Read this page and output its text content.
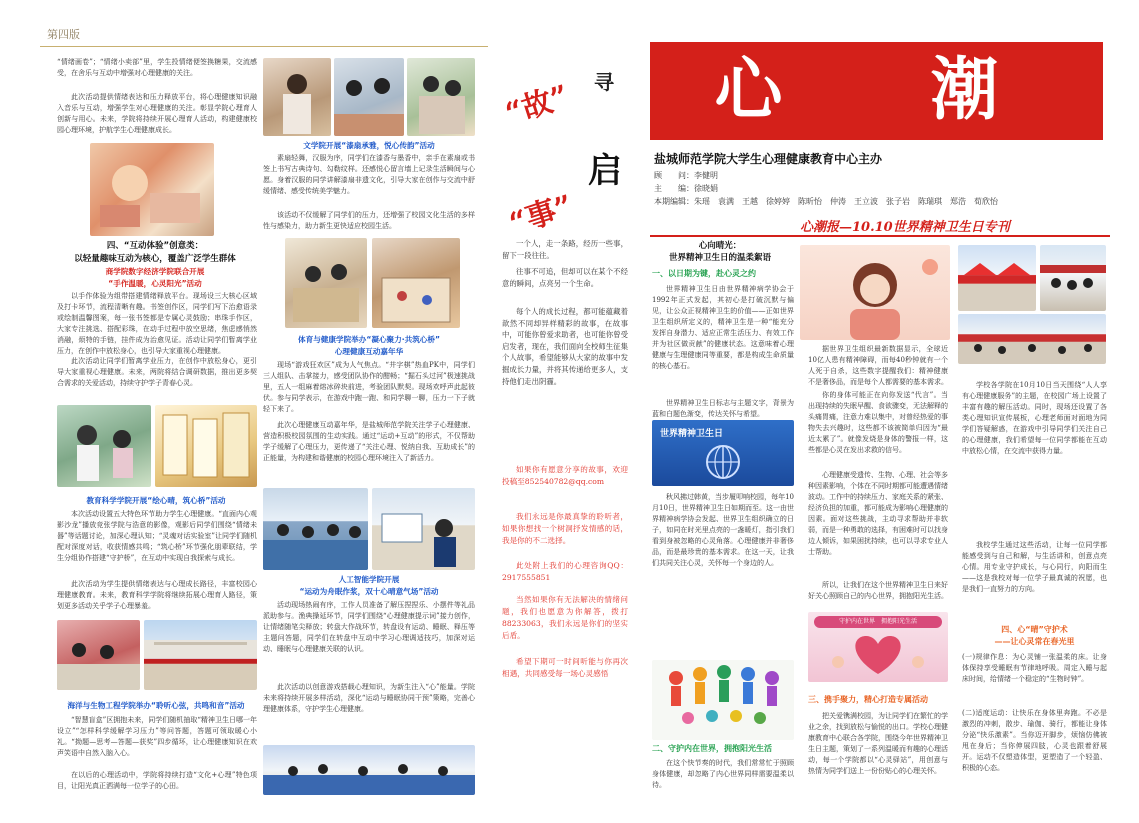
第四版
“情绪画卷”；“情绪小卖部”里，学生投情绪便签换糖果，交流感受，在舍乐与互动中增强对心理健康的关注。
此次活动提供情绪表达和压力释放平台，将心理健康知识融入音乐与互动，增强学生对心理健康的关注。彰显学院心理育人创新与用心。未来，学院将持续开展心理育人活动，构建健康校园心理环境，护航学生心理健康成长。
四、“互动体验”创意类：
以轻量趣味互动为核心，覆盖广泛学生群体
商学院数字经济学院联合开展
“手作温暖，心灵阳光”活动
以手作体验为组带搭建情绪释放平台。现场设三大核心区域及打卡环节，流程清晰有趣。书签创作区，同学们写下治愈语录或绘制温馨图案，每一张书签都是专属心灵鼓励；串珠手作区，大家专注挑选、搭配彩珠，在动手过程中放空思绪，焦虑感悄然消融，烦特的手链，挂件成为治愈见证。活动让同学们暂离学业压力，在创作中放松身心，也引导大家重视心理健康。
此次活动让同学们暂离学业压力，在创作中放松身心，更引导大家重视心理健康。未来，两院将结合调研数据，推出更多契合需求的关爱活动，持续守护学子青春心灵。
教育科学学院开展“绘心晴，筑心桥”活动
本次活动设置五大特色环节助力学生心理健康。“直面内心观影沙龙”播放竞张学院与浩意的影像，观影后同学们围绕“情绪未器”等话题讨论，加深心理认知；“灵魂对话实验室”让同学们随机配对深度对话，收获情感共鸣；“筑心桥”环节强化朋辈联结，学生分组协作搭建“守护桥”，在互动中实现自我探索与成长。
此次活动为学生提供情绪表达与心理成长路径，丰富校园心理健康教育。未来，教育科学学院将继续拓展心理育人路径，策划更多活动关乎学子心理暴羞。
海洋与生物工程学院举办“聆听心弦，共鸣和音”活动
“智慧盲盒”区拥抱未来，同学们随机抽取“精神卫生日哪一年设立”“怎样科学缓解学习压力”等问答题，答题可领取暖心小礼。“拗题—思考—答题—获奖”四步循环，让心理健康知识在欢声笑语中自然入脑入心。
在以后的心理活动中，学院将持续打造“文化+心理”特色项目，让阳光真正洒满每一位学子的心田。
文学院开展“漆扇承雅，悦心传韵”活动
素扇轻舞，汉服为序，同学们在漆香与墨香中，亲手在素扇或书签上书写古典诗句、勾勒纹样。还感悦心留言墙上记录生活瞬间与心愿。身着汉服的同学讲解漆扇非遗文化，引导大家在创作与交流中舒缓情绪、感受传统美学魅力。
该活动不仅缓解了同学们的压力，还增强了校园文化生活的多样性与感染力，助力新生更快适应校园生活。
体育与健康学院举办“凝心聚力·共筑心桥”
心理健康互动嘉年华
现场“游戏狂欢区”成为人气焦点。“井字棋”热血PK中，同学们三人组队、击掌接力，感受团队协作的酣畅；“掘石头过河”极速挑战里，五人一组麻着熔冰碎块前进，考验团队默契。现场欢呼声此起彼伏。参与同学表示，在游戏中跑一跑、和同学聊一聊，压力一下子就轻下来了。
此次心理健康互动嘉年华，是盐城师范学院关注学子心理健康、营造积极校园氛围的生动实践。通过“运动+互动”的形式，不仅帮助学子缓解了心理压力，更传递了“关注心理、悦纳自我、互助成长”的正能量，为构建和谐健康的校园心理环境注入了新活力。
人工智能学院开展
“运动为舟眠作浆，双十心晴意气场”活动
活动现场热闹有序，工作人员准备了解压捏捏乐、小摆件等礼品派助参与。渔典操延环节，同学们围绕“心理健康提示词”接力创作，让情绪随笔尖释放；转盘大作战环节，转盘设有运动、睡眠、释压等主题问答题，同学们在转盘中互动中学习心理调适技巧，加深对运动、睡眠与心理健康关联的认识。
此次活动以创意游戏搭载心理知识，为新生注入“心”能量。学院未来将持续开展多样活动，深化“运动与睡眠协同干预”策略，完善心理健康体系，守护学生心理健康。
“故” 寻
启
“事”
一个人，走一条路，经历一些事，留下一段往往。
往事不可追，但却可以在某个不经意的瞬间，点亮另一个生命。
每个人的成长过程，都可能蕴藏着歆然不同却异样精彩的故事，在故事中，可能你曾爱求助者，也可能你曾受启发者，现在，我们面向全校师生征集个人故事，希望能够从大家的故事中发掘成长力量，并将其传递给更多人，支持他们走出阴霾。
如果你有愿意分享的故事，欢迎投稿至852540782@qq.com
我们永远是你最真挚的聆听者，如果你想找一个树洞抒发情感的话，我是你的不二选择。
此处附上我们的心理咨询QQ：2917555851
当然如果你有无法解决的情绪问题，我们也愿意为你解答，拨打88233063，我们永远是你们的坚实后盾。
希望下期可一时间听能与你再次相遇，共同感受每一场心灵感悟
心　潮
盐城师范学院大学生心理健康教育中心主办
顾　　问：李健明
主　　编：徐晓娟
本期编辑：朱瑶　袁满　王越　徐婷婷　陈昕怡　仲涛　王立波　张子岩　陈瑞琪　郑浩　荀欣怡
心潮报—10.10世界精神卫生日专刊
心向晴光：
世界精神卫生日的温柔絮语
一、以日期为键，赴心灵之约
世界精神卫生日由世界精神病学协会于1992年正式发起，其初心是打破沉默与偏见，让公众正视精神卫生的价值——正如世界卫生组织所定义的，精神卫生是一种“能充分发挥自身潜力、适应正常生活压力、有效工作并为社区做贡献”的健康状态。这意味着心理健康与生理健康同等重要，都是构成生命质量的核心基石。
世界精神卫生日标志与主题文字，背景为蓝和白题色渐变，传达关怀与希望。
世界精神卫生日
秋风拂过韩黄，当步履叩响校园，每年10月10日，世界精神卫生日如期而至。这一由世界精神病学协会发起、世界卫生组织确立的日子，如同在时光里点亮的一盏暖灯，指引我们看到身被忽略的心灵角落。心理健康并非奢侈品，而是最珍贵的基本需求。在这一天，让我们共同关注心灵，关怀每一个身边的人。
二、守护内在世界，拥抱阳光生活
在这个快节奏的时代，我们常常忙于照顾身体健康，却忽略了内心世界同样需要温柔以待。
据世界卫生组织最新数据显示，全球近10亿人患有精神障碍，而每40秒钟就有一个人死于自杀，这些数字提醒我们：精神健康 不是奢侈品，而是每个人都需要的基本需求。
你的身体可能正在向你发送“代言”。当出现持续的失眠早醒、食欲骤变，无法解释的头痛胃痛，注意力难以集中，对曾经热爱的事物失去兴趣时，这些都不该被简单归因为“最近太累了”。就像发烧是身体的警报一样，这些都是心灵在发出求救的信号。
心理健康受遗传、生物、心理、社会等多种因素影响，个体在不同时期都可能遭遇情绪波动。工作中的持续压力、家庭关系的紧张、经济负担的加重，都可能成为影响心理健康的因素。面对这些挑战，主动寻求帮助并非软弱，而是一种勇敢的选择，有困难时可以找身边人倾诉，如果困扰持续，也可以寻求专业人士帮助。
所以，让我们在这个世界精神卫生日来好好关心照顾自己的内心世界，拥抱阳光生活。
守护内在世界　拥抱阳光生活
三、携手聚力，精心打造专属活动
把关爱镌满校园，为让同学们在繁忙的学业之余，找到放松与愉悦的出口。学校心理健康教育中心联合各学院，围绕今年世界精神卫生日主题，策划了一系列温暖而有趣的心理活动，每一个学院都以“心灵驿站”，用创意与热情为同学们送上一份份贴心的心理关怀。
学校各学院在10月10日当天围绕“人人享有心理健康服务”的主题，在校园广场上设置了丰富有趣的解压活动。同时，现场还设置了各类心理知识宣传展板，心理老师面对面地为同学们答疑解惑，在游戏中引导同学们关注自己的心理健康，我们希望每一位同学都能在互动中放松心情，在交流中获得力量。
我校学生通过这些活动，让每一位同学都能感受到与自己和解，与生活讲和，创意点亮心情。用专业守护成长，与心同行，向阳而生——这是我校对每一位学子最真诚的祝愿，也是我们一直努力的方向。
四、心“晴”守护术
——让心灵常在春光里
(一)规律作息：为心灵铺一张温柔的床。让身体保持享受睡眠有节律地呼吸。周定入睡与起床时间，给情绪一个稳定的“生物时钟”。
(二)适度运动：让快乐在身体里奔跑。不必是激烈的冲刺，散步、瑜伽、骑行，都能让身体分泌“快乐激素”。当你迈开脚步，烦恼仿佛被甩在身后；当你伸展四肢，心灵也跟着舒展开。运动不仅塑造体型，更塑造了一个轻盈、积极的心态。
